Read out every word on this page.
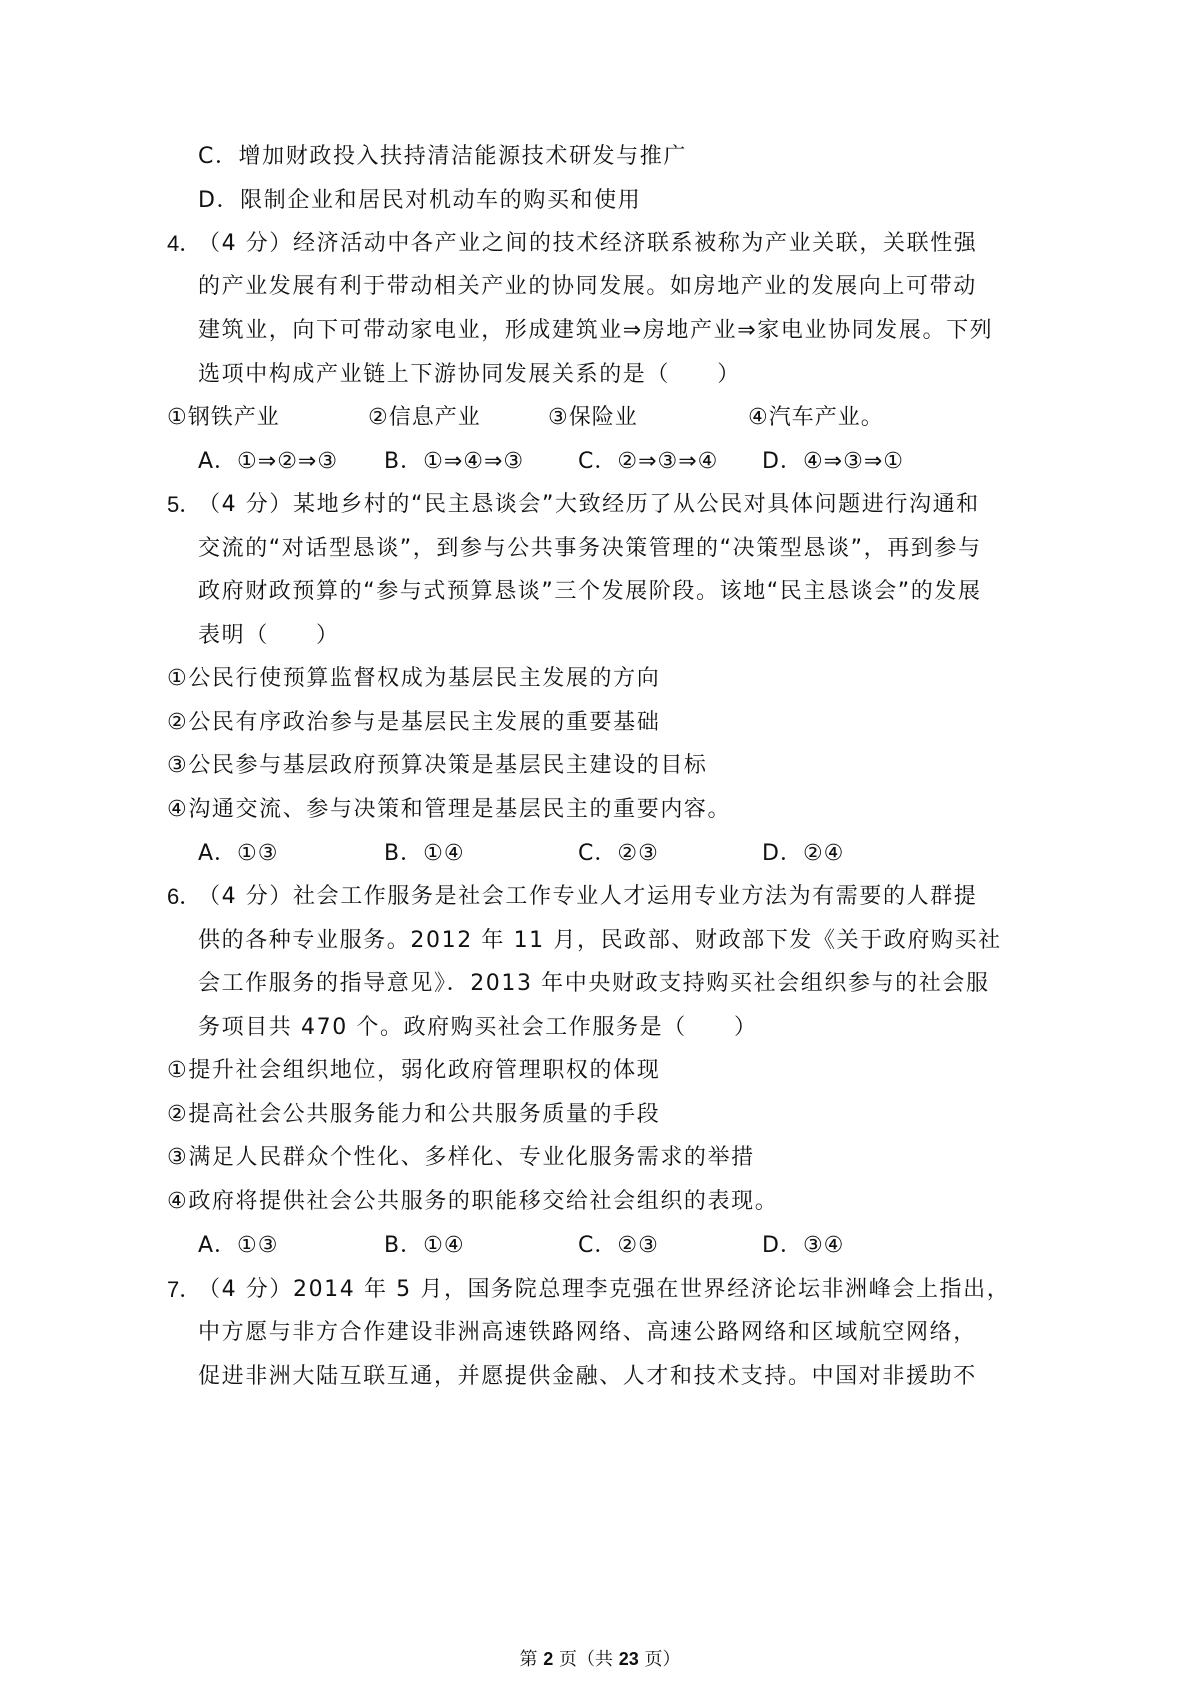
C．增加财政投入扶持清洁能源技术研发与推广
D．限制企业和居民对机动车的购买和使用
4．
（4 分）经济活动中各产业之间的技术经济联系被称为产业关联，关联性强
的产业发展有利于带动相关产业的协同发展。如房地产业的发展向上可带动
建筑业，向下可带动家电业，形成建筑业⇒房地产业⇒家电业协同发展。下列
选项中构成产业链上下游协同发展关系的是（　　）
①钢铁产业	②信息产业	③保险业	④汽车产业。
A．①⇒②⇒③ B．①⇒④⇒③ C．②⇒③⇒④ D．④⇒③⇒①
5．
（4 分）某地乡村的“民主恳谈会”大致经历了从公民对具体问题进行沟通和
交流的“对话型恳谈”，到参与公共事务决策管理的“决策型恳谈”，再到参与
政府财政预算的“参与式预算恳谈”三个发展阶段。该地“民主恳谈会”的发展
表明（　　）
①公民行使预算监督权成为基层民主发展的方向
②公民有序政治参与是基层民主发展的重要基础
③公民参与基层政府预算决策是基层民主建设的目标
④沟通交流、参与决策和管理是基层民主的重要内容。
A．①③	B．①④	C．②③	D．②④
6．
（4 分）社会工作服务是社会工作专业人才运用专业方法为有需要的人群提
供的各种专业服务。2012 年 11 月，民政部、财政部下发《关于政府购买社
会工作服务的指导意见》．2013 年中央财政支持购买社会组织参与的社会服
务项目共 470 个。政府购买社会工作服务是（　　）
①提升社会组织地位，弱化政府管理职权的体现
②提高社会公共服务能力和公共服务质量的手段
③满足人民群众个性化、多样化、专业化服务需求的举措
④政府将提供社会公共服务的职能移交给社会组织的表现。
A．①③	B．①④	C．②③	D．③④
7．
（4 分）2014 年 5 月，国务院总理李克强在世界经济论坛非洲峰会上指出，
中方愿与非方合作建设非洲高速铁路网络、高速公路网络和区域航空网络，
促进非洲大陆互联互通，并愿提供金融、人才和技术支持。中国对非援助不
第 2 页（共 23 页）
